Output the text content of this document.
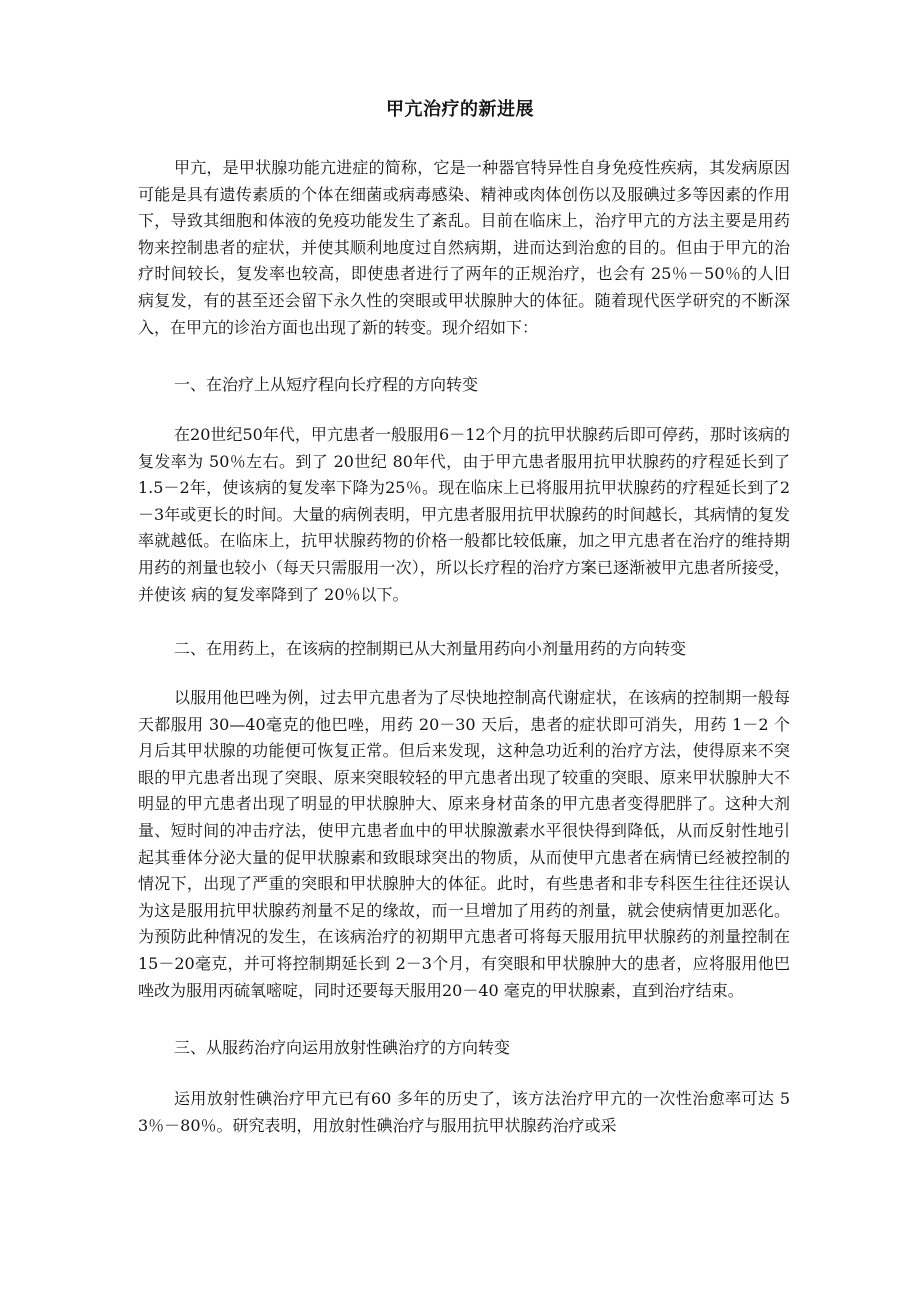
甲亢治疗的新进展

甲亢，是甲状腺功能亢进症的简称，它是一种器官特异性自身免疫性疾病，其发病原因可能是具有遗传素质的个体在细菌或病毒感染、精神或肉体创伤以及服碘过多等因素的作用下，导致其细胞和体液的免疫功能发生了紊乱。目前在临床上，治疗甲亢的方法主要是用药物来控制患者的症状，并使其顺利地度过自然病期，进而达到治愈的目的。但由于甲亢的治疗时间较长，复发率也较高，即使患者进行了两年的正规治疗，也会有 25％－50％的人旧病复发，有的甚至还会留下永久性的突眼或甲状腺肿大的体征。随着现代医学研究的不断深入，在甲亢的诊治方面也出现了新的转变。现介绍如下：

一、在治疗上从短疗程向长疗程的方向转变

在20世纪50年代，甲亢患者一般服用6－12个月的抗甲状腺药后即可停药，那时该病的复发率为 50％左右。到了 20世纪 80年代，由于甲亢患者服用抗甲状腺药的疗程延长到了 1.5－2年，使该病的复发率下降为25％。现在临床上已将服用抗甲状腺药的疗程延长到了2－3年或更长的时间。大量的病例表明，甲亢患者服用抗甲状腺药的时间越长，其病情的复发率就越低。在临床上，抗甲状腺药物的价格一般都比较低廉，加之甲亢患者在治疗的维持期用药的剂量也较小（每天只需服用一次），所以长疗程的治疗方案已逐渐被甲亢患者所接受，并使该 病的复发率降到了 20％以下。

二、在用药上，在该病的控制期已从大剂量用药向小剂量用药的方向转变

以服用他巴唑为例，过去甲亢患者为了尽快地控制高代谢症状，在该病的控制期一般每天都服用 30—40毫克的他巴唑，用药 20－30 天后，患者的症状即可消失，用药 1－2 个月后其甲状腺的功能便可恢复正常。但后来发现，这种急功近利的治疗方法，使得原来不突眼的甲亢患者出现了突眼、原来突眼较轻的甲亢患者出现了较重的突眼、原来甲状腺肿大不明显的甲亢患者出现了明显的甲状腺肿大、原来身材苗条的甲亢患者变得肥胖了。这种大剂量、短时间的冲击疗法，使甲亢患者血中的甲状腺激素水平很快得到降低，从而反射性地引起其垂体分泌大量的促甲状腺素和致眼球突出的物质，从而使甲亢患者在病情已经被控制的情况下，出现了严重的突眼和甲状腺肿大的体征。此时，有些患者和非专科医生往往还误认为这是服用抗甲状腺药剂量不足的缘故，而一旦增加了用药的剂量，就会使病情更加恶化。为预防此种情况的发生，在该病治疗的初期甲亢患者可将每天服用抗甲状腺药的剂量控制在 15－20毫克，并可将控制期延长到 2－3个月，有突眼和甲状腺肿大的患者，应将服用他巴唑改为服用丙硫氧嘧啶，同时还要每天服用20－40 毫克的甲状腺素，直到治疗结束。

三、从服药治疗向运用放射性碘治疗的方向转变

运用放射性碘治疗甲亢已有60 多年的历史了，该方法治疗甲亢的一次性治愈率可达 53％－80％。研究表明，用放射性碘治疗与服用抗甲状腺药治疗或采
